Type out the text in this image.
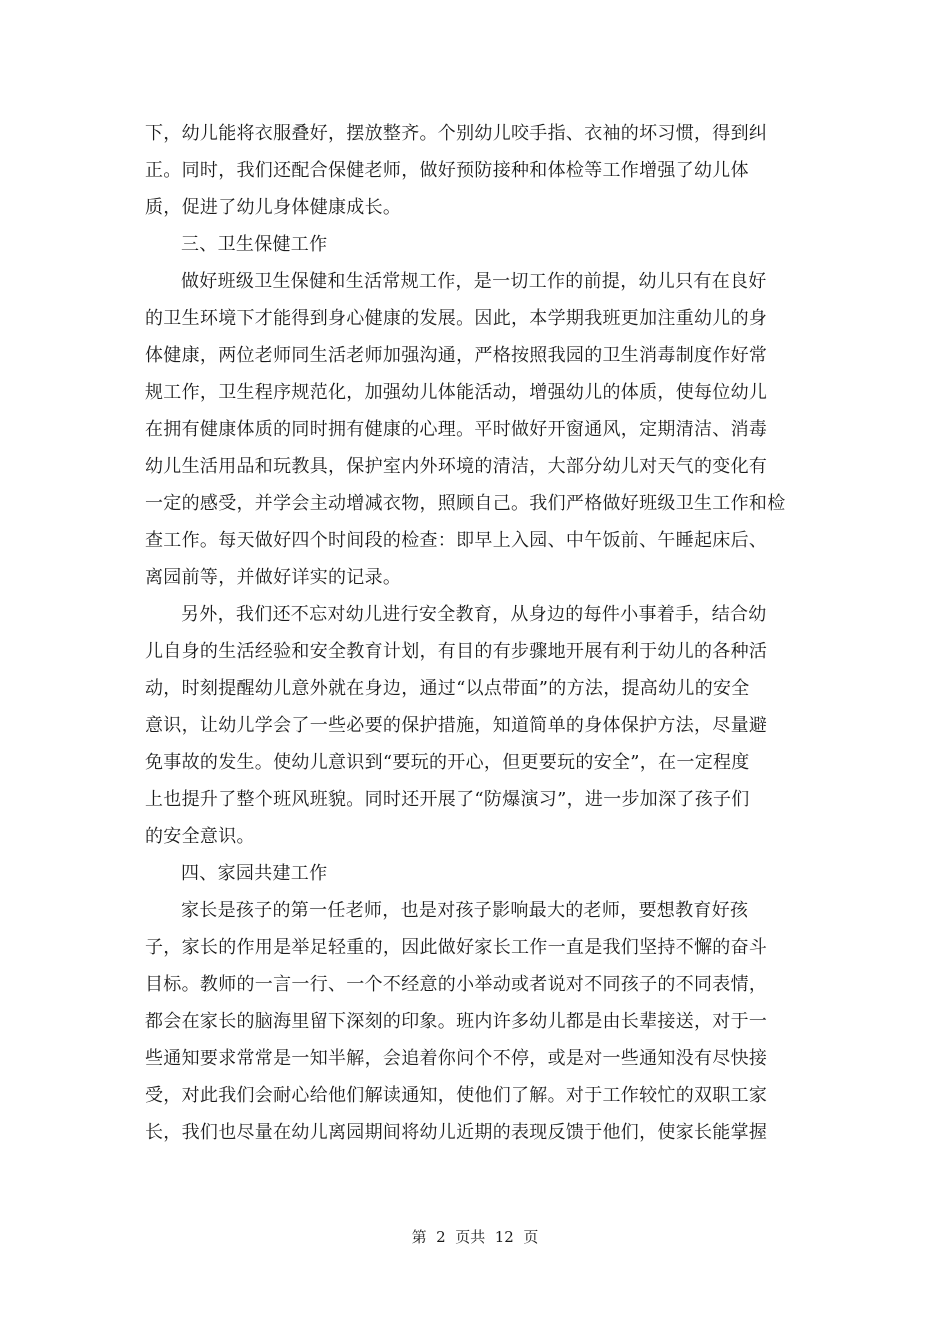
下，幼儿能将衣服叠好，摆放整齐。个别幼儿咬手指、衣袖的坏习惯，得到纠
正。同时，我们还配合保健老师，做好预防接种和体检等工作增强了幼儿体
质，促进了幼儿身体健康成长。
三、卫生保健工作
做好班级卫生保健和生活常规工作，是一切工作的前提，幼儿只有在良好
的卫生环境下才能得到身心健康的发展。因此，本学期我班更加注重幼儿的身
体健康，两位老师同生活老师加强沟通，严格按照我园的卫生消毒制度作好常
规工作，卫生程序规范化，加强幼儿体能活动，增强幼儿的体质，使每位幼儿
在拥有健康体质的同时拥有健康的心理。平时做好开窗通风，定期清洁、消毒
幼儿生活用品和玩教具，保护室内外环境的清洁，大部分幼儿对天气的变化有
一定的感受，并学会主动增减衣物，照顾自己。我们严格做好班级卫生工作和检
查工作。每天做好四个时间段的检查：即早上入园、中午饭前、午睡起床后、
离园前等，并做好详实的记录。
另外，我们还不忘对幼儿进行安全教育，从身边的每件小事着手，结合幼
儿自身的生活经验和安全教育计划，有目的有步骤地开展有利于幼儿的各种活
动，时刻提醒幼儿意外就在身边，通过“以点带面”的方法，提高幼儿的安全
意识，让幼儿学会了一些必要的保护措施，知道简单的身体保护方法，尽量避
免事故的发生。使幼儿意识到“要玩的开心，但更要玩的安全”，在一定程度
上也提升了整个班风班貌。同时还开展了“防爆演习”，进一步加深了孩子们
的安全意识。
四、家园共建工作
家长是孩子的第一任老师，也是对孩子影响最大的老师，要想教育好孩
子，家长的作用是举足轻重的，因此做好家长工作一直是我们坚持不懈的奋斗
目标。教师的一言一行、一个不经意的小举动或者说对不同孩子的不同表情，
都会在家长的脑海里留下深刻的印象。班内许多幼儿都是由长辈接送，对于一
些通知要求常常是一知半解，会追着你问个不停，或是对一些通知没有尽快接
受，对此我们会耐心给他们解读通知，使他们了解。对于工作较忙的双职工家
长，我们也尽量在幼儿离园期间将幼儿近期的表现反馈于他们，使家长能掌握
第  2  页共  12  页
